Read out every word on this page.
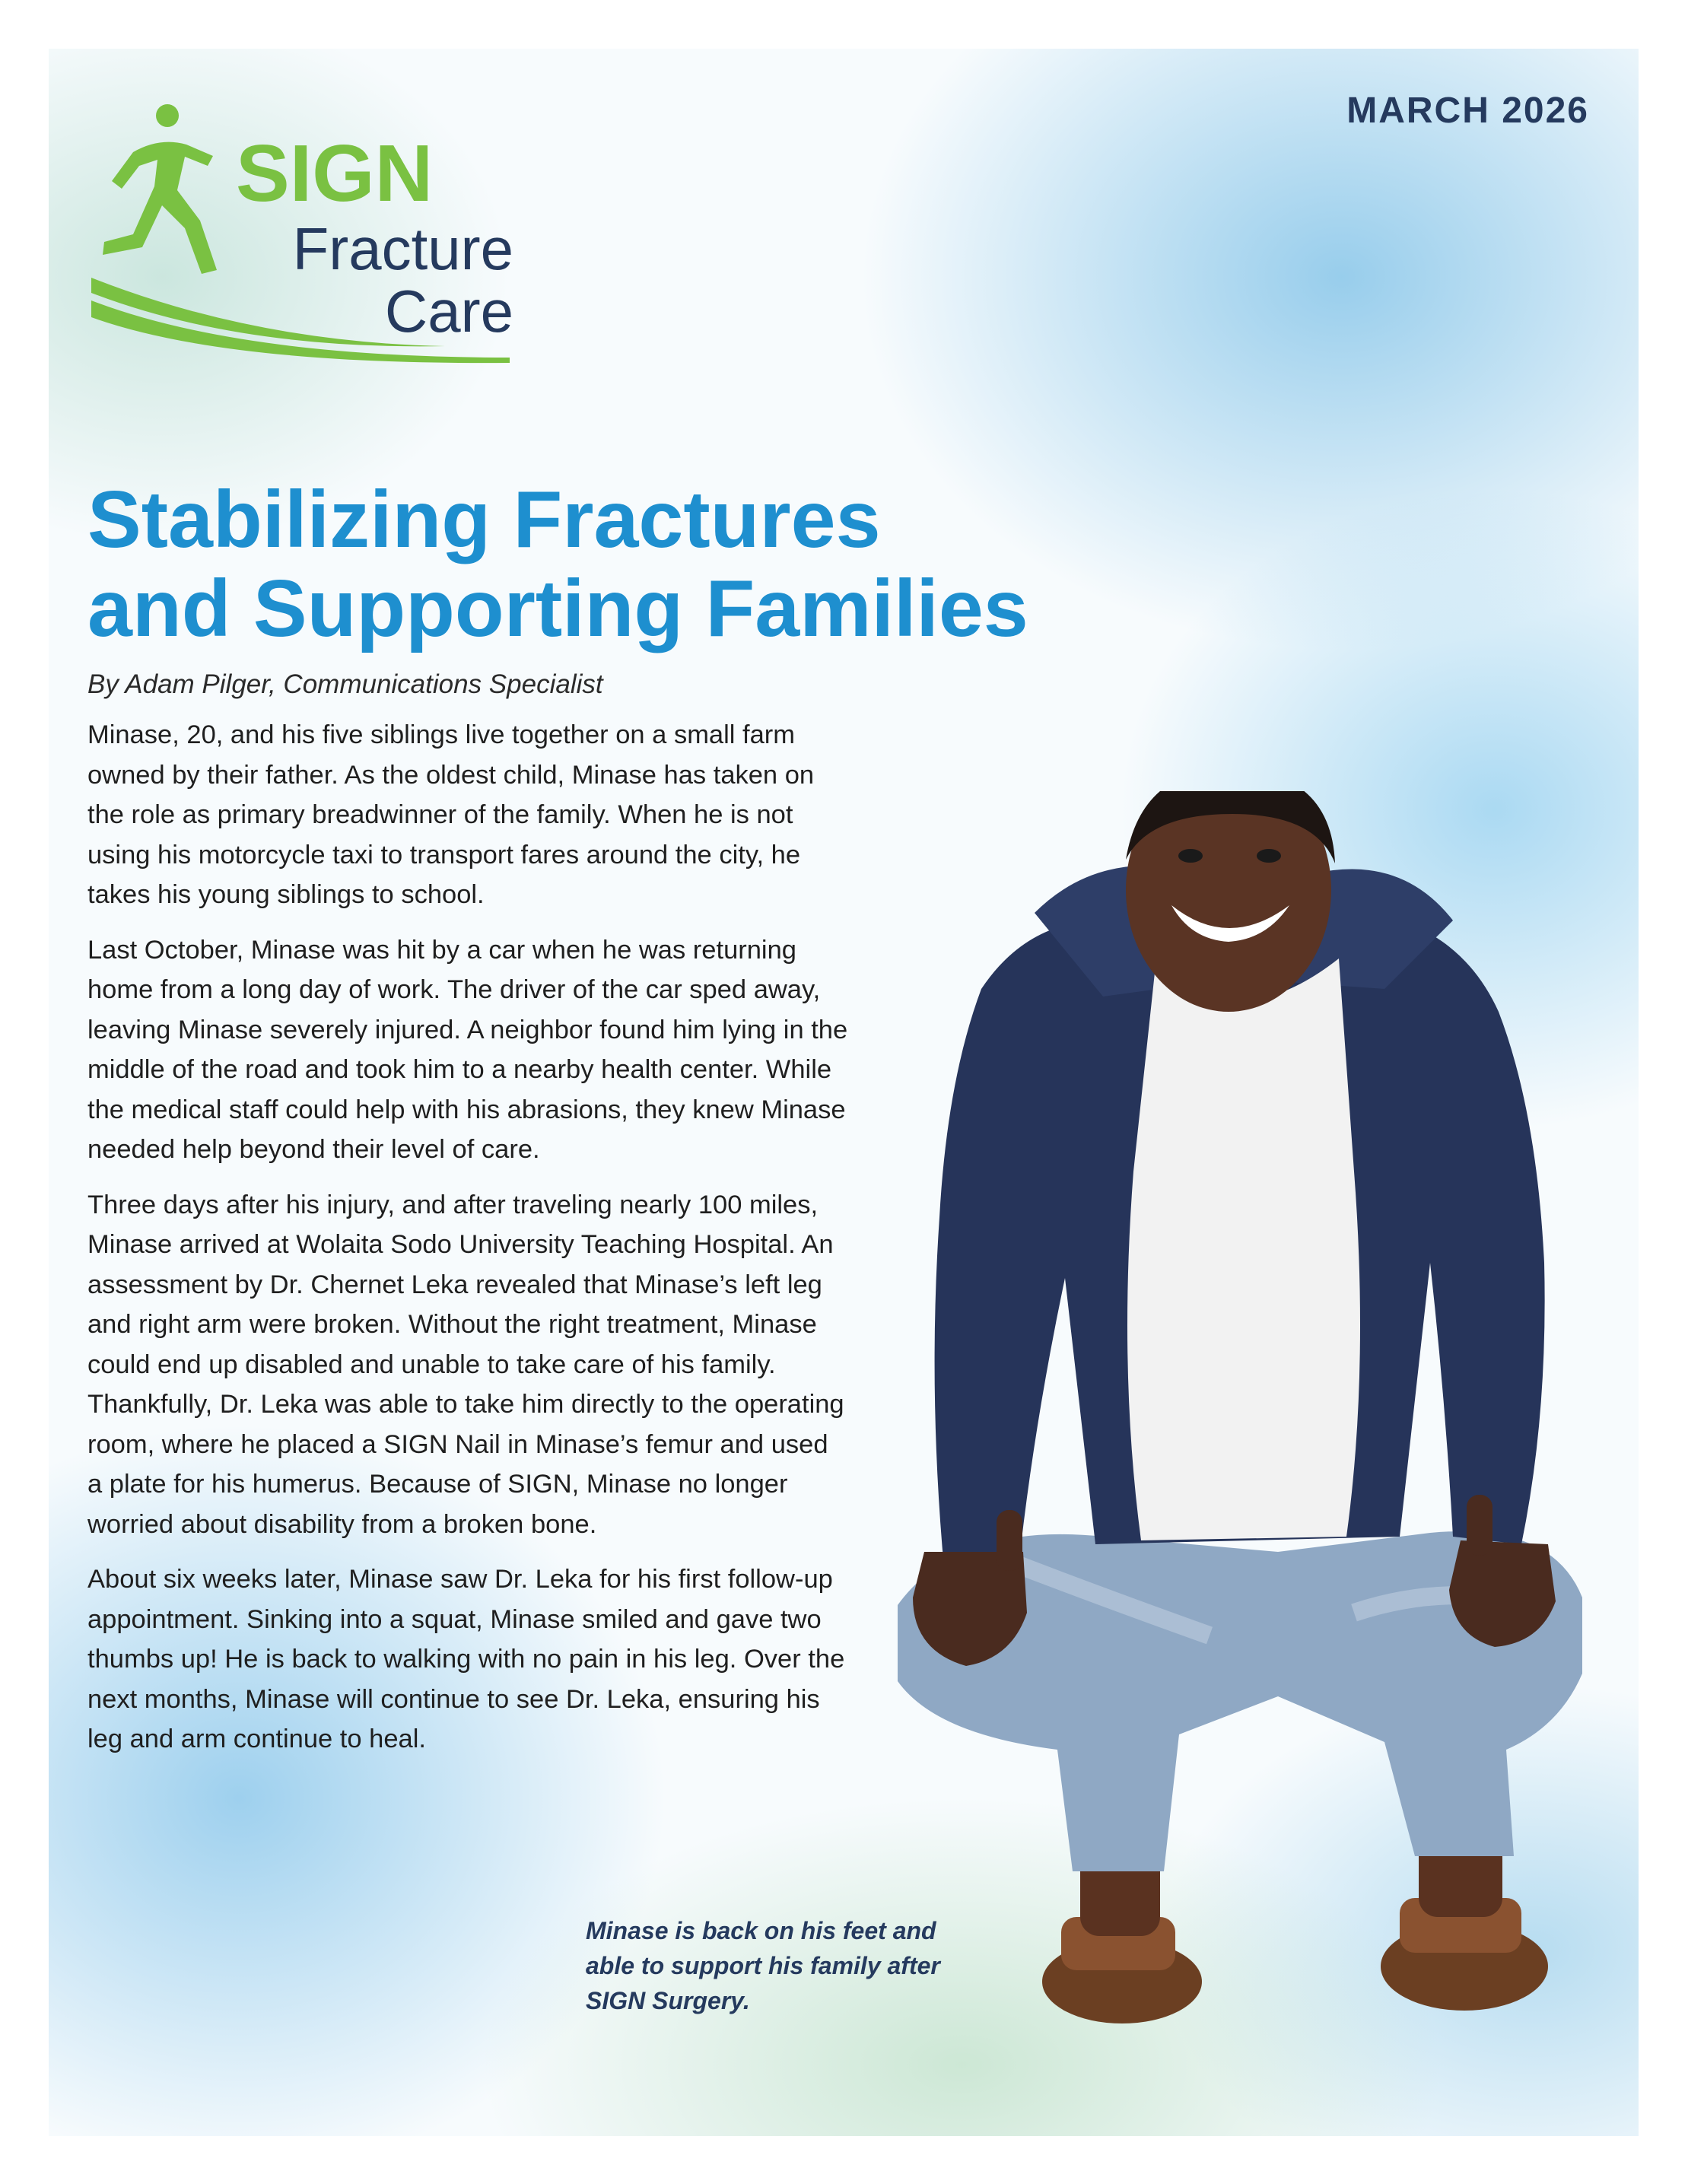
MARCH 2026

SIGN

Fracture

Care

Stabilizing Fractures
and Supporting Families

By Adam Pilger, Communications Specialist

Minase, 20, and his five siblings live together on a small farm owned by their father. As the oldest child, Minase has taken on the role as primary breadwinner of the family. When he is not using his motorcycle taxi to transport fares around the city, he takes his young siblings to school.

Last October, Minase was hit by a car when he was returning home from a long day of work. The driver of the car sped away, leaving Minase severely injured. A neighbor found him lying in the middle of the road and took him to a nearby health center. While the medical staff could help with his abrasions, they knew Minase needed help beyond their level of care.

Three days after his injury, and after traveling nearly 100 miles, Minase arrived at Wolaita Sodo University Teaching Hospital. An assessment by Dr. Chernet Leka revealed that Minase’s left leg and right arm were broken. Without the right treatment, Minase could end up disabled and unable to take care of his family. Thankfully, Dr. Leka was able to take him directly to the operating room, where he placed a SIGN Nail in Minase’s femur and used a plate for his humerus. Because of SIGN, Minase no longer worried about disability from a broken bone.

About six weeks later, Minase saw Dr. Leka for his first follow-up appointment. Sinking into a squat, Minase smiled and gave two thumbs up! He is back to walking with no pain in his leg. Over the next months, Minase will continue to see Dr. Leka, ensuring his leg and arm continue to heal.

Minase is back on his feet and able to support his family after SIGN Surgery.
